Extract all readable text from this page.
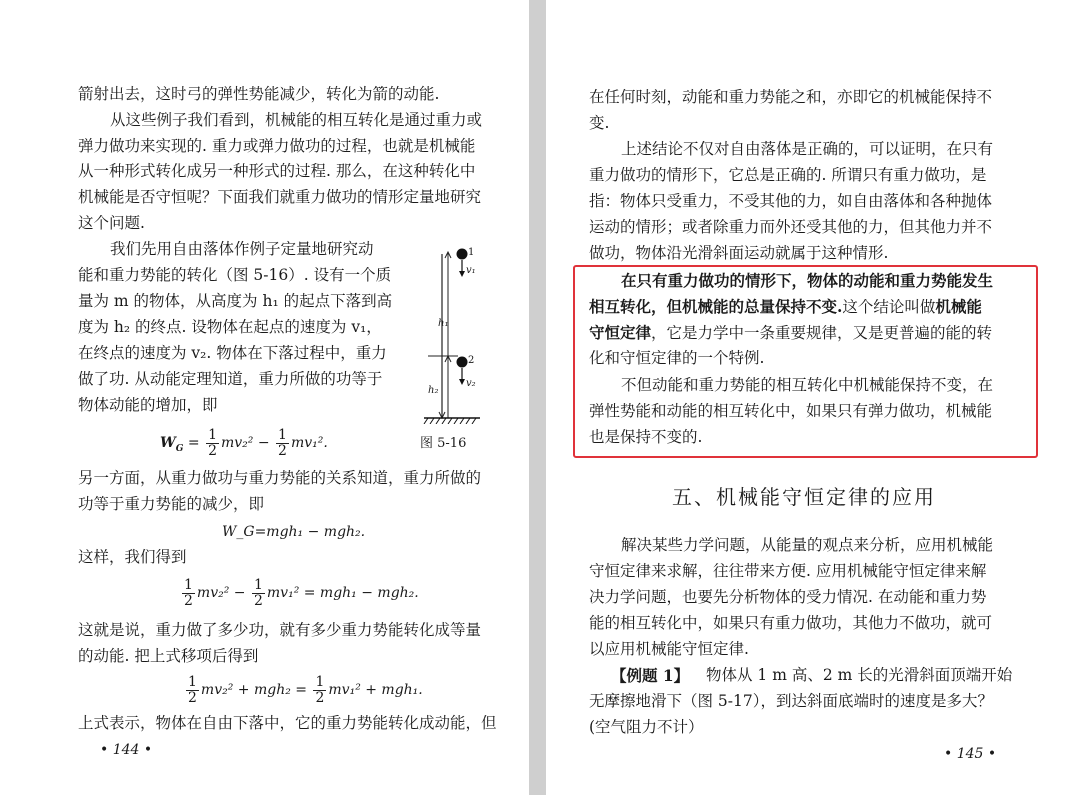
箭射出去，这时弓的弹性势能减少，转化为箭的动能.
从这些例子我们看到，机械能的相互转化是通过重力或
弹力做功来实现的. 重力或弹力做功的过程，也就是机械能
从一种形式转化成另一种形式的过程. 那么，在这种转化中
机械能是否守恒呢？下面我们就重力做功的情形定量地研究
这个问题.
我们先用自由落体作例子定量地研究动
能和重力势能的转化（图 5-16）. 设有一个质
量为 m 的物体，从高度为 h₁ 的起点下落到高
度为 h₂ 的终点. 设物体在起点的速度为 v₁，
在终点的速度为 v₂. 物体在下落过程中，重力
做了功. 从动能定理知道，重力所做的功等于
物体动能的增加，即
$W_G = \frac{1}{2} mv_2^2 - \frac{1}{2} mv_1^2$.
另一方面，从重力做功与重力势能的关系知道，重力所做的
功等于重力势能的减少，即
W_G=mgh₁ − mgh₂.
这样，我们得到
$\frac{1}{2} mv_2^2 - \frac{1}{2} mv_1^2 = mgh_1 - mgh_2$.
这就是说，重力做了多少功，就有多少重力势能转化成等量
的动能. 把上式移项后得到
$\frac{1}{2} mv_2^2 + mgh_2 = \frac{1}{2} mv_1^2 + mgh_1$.
上式表示，物体在自由下落中，它的重力势能转化成动能，但
• 144 •
1
v₁
h₁
2
v₂
h₂
图 5-16
在任何时刻，动能和重力势能之和，亦即它的机械能保持不
变.
上述结论不仅对自由落体是正确的，可以证明，在只有
重力做功的情形下，它总是正确的. 所谓只有重力做功，是
指：物体只受重力，不受其他的力，如自由落体和各种抛体
运动的情形；或者除重力而外还受其他的力，但其他力并不
做功，物体沿光滑斜面运动就属于这种情形.
在只有重力做功的情形下，物体的动能和重力势能发生
相互转化，但机械能的总量保持不变.这个结论叫做机械能
守恒定律，它是力学中一条重要规律，又是更普遍的能的转
化和守恒定律的一个特例.
不但动能和重力势能的相互转化中机械能保持不变，在
弹性势能和动能的相互转化中，如果只有弹力做功，机械能
也是保持不变的.
五、机械能守恒定律的应用
解决某些力学问题，从能量的观点来分析，应用机械能
守恒定律来求解，往往带来方便. 应用机械能守恒定律来解
决力学问题，也要先分析物体的受力情况. 在动能和重力势
能的相互转化中，如果只有重力做功，其他力不做功，就可
以应用机械能守恒定律.
【例题 1】 物体从 1 m 高、2 m 长的光滑斜面顶端开始
无摩擦地滑下（图 5-17），到达斜面底端时的速度是多大？
(空气阻力不计）
• 145 •
